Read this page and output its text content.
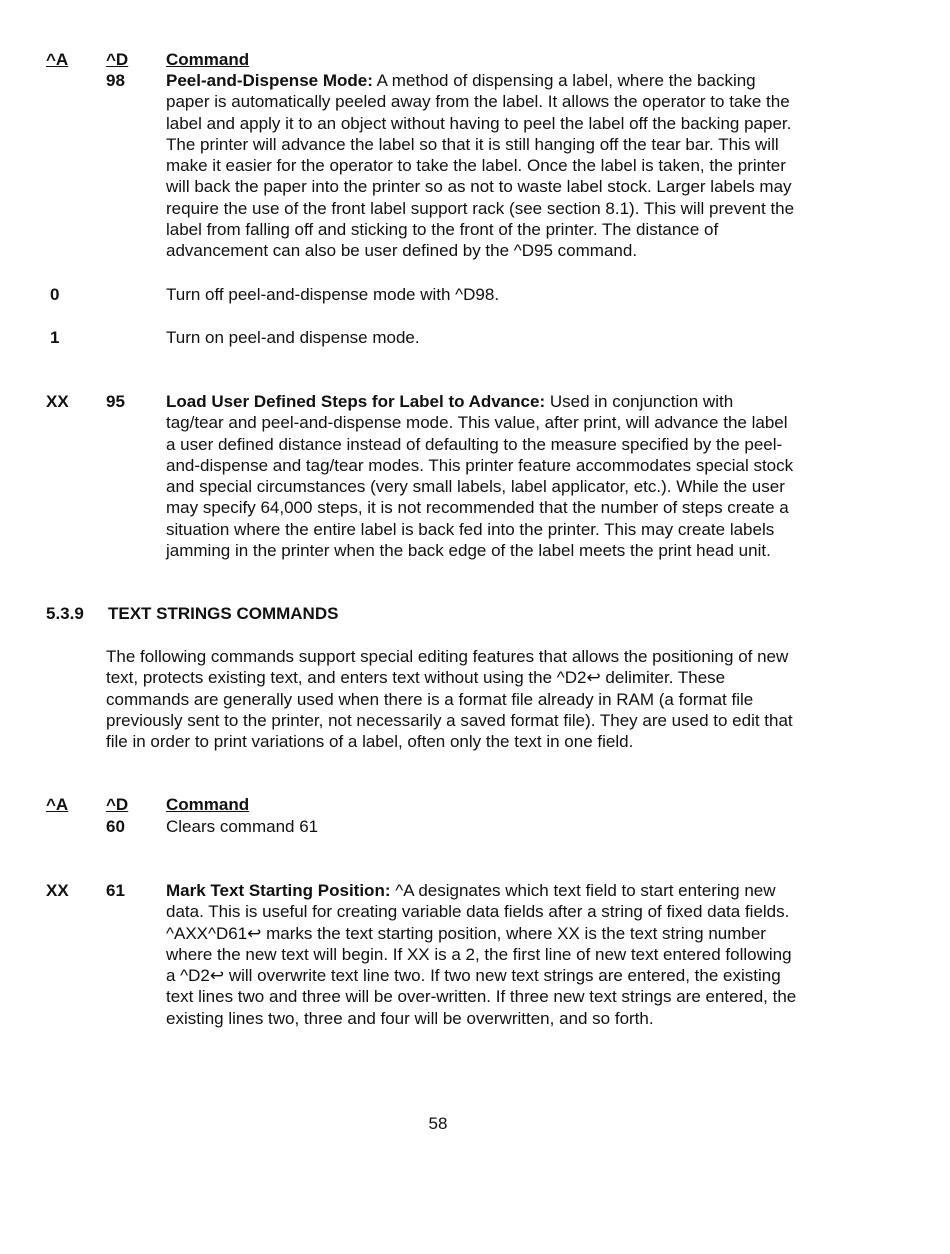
^A ^D Command
98 Peel-and-Dispense Mode: A method of dispensing a label, where the backing
paper is automatically peeled away from the label. It allows the operator to take the
label and apply it to an object without having to peel the label off the backing paper.
The printer will advance the label so that it is still hanging off the tear bar. This will
make it easier for the operator to take the label. Once the label is taken, the printer
will back the paper into the printer so as not to waste label stock. Larger labels may
require the use of the front label support rack (see section 8.1). This will prevent the
label from falling off and sticking to the front of the printer. The distance of
advancement can also be user defined by the ^D95 command.
0	Turn off peel-and-dispense mode with ^D98.
1	Turn on peel-and dispense mode.
XX 95 Load User Defined Steps for Label to Advance: Used in conjunction with
tag/tear and peel-and-dispense mode. This value, after print, will advance the label
a user defined distance instead of defaulting to the measure specified by the peel-
and-dispense and tag/tear modes. This printer feature accommodates special stock
and special circumstances (very small labels, label applicator, etc.). While the user
may specify 64,000 steps, it is not recommended that the number of steps create a
situation where the entire label is back fed into the printer. This may create labels
jamming in the printer when the back edge of the label meets the print head unit.
5.3.9 TEXT STRINGS COMMANDS
The following commands support special editing features that allows the positioning of new
text, protects existing text, and enters text without using the ^D2↩ delimiter. These
commands are generally used when there is a format file already in RAM (a format file
previously sent to the printer, not necessarily a saved format file). They are used to edit that
file in order to print variations of a label, often only the text in one field.
^A ^D Command
60 Clears command 61
XX 61 Mark Text Starting Position: ^A designates which text field to start entering new
data. This is useful for creating variable data fields after a string of fixed data fields.
^AXX^D61↩ marks the text starting position, where XX is the text string number
where the new text will begin. If XX is a 2, the first line of new text entered following
a ^D2↩ will overwrite text line two. If two new text strings are entered, the existing
text lines two and three will be over-written. If three new text strings are entered, the
existing lines two, three and four will be overwritten, and so forth.
58
